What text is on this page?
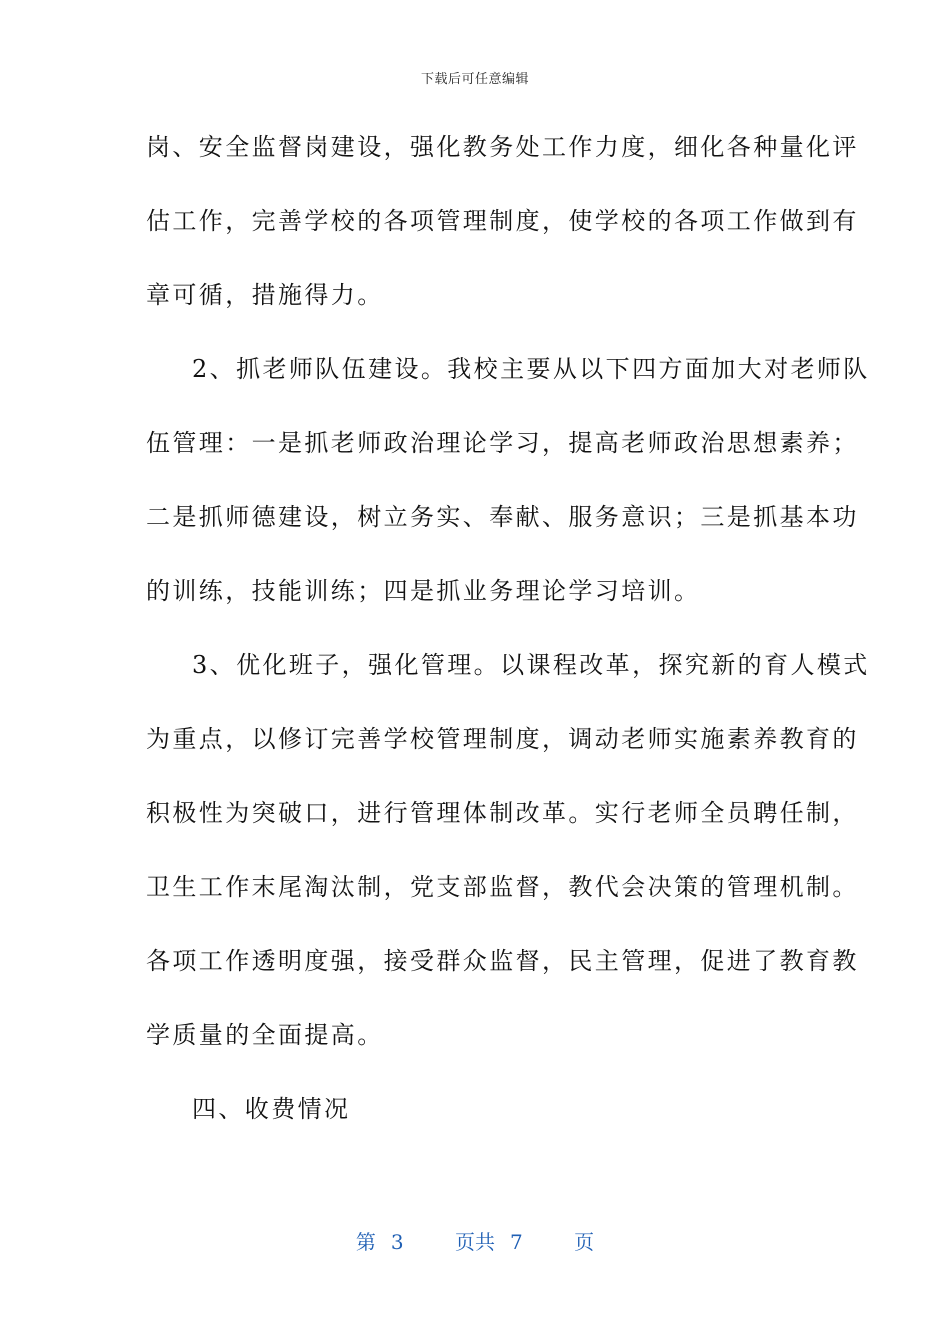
下载后可任意编辑
岗、安全监督岗建设，强化教务处工作力度，细化各种量化评
估工作，完善学校的各项管理制度，使学校的各项工作做到有
章可循，措施得力。
2、抓老师队伍建设。我校主要从以下四方面加大对老师队
伍管理：一是抓老师政治理论学习，提高老师政治思想素养；
二是抓师德建设，树立务实、奉献、服务意识；三是抓基本功
的训练，技能训练；四是抓业务理论学习培训。
3、优化班子，强化管理。以课程改革，探究新的育人模式
为重点，以修订完善学校管理制度，调动老师实施素养教育的
积极性为突破口，进行管理体制改革。实行老师全员聘任制，
卫生工作末尾淘汰制，党支部监督，教代会决策的管理机制。
各项工作透明度强，接受群众监督，民主管理，促进了教育教
学质量的全面提高。
四、收费情况
第 3	页共 7	页
